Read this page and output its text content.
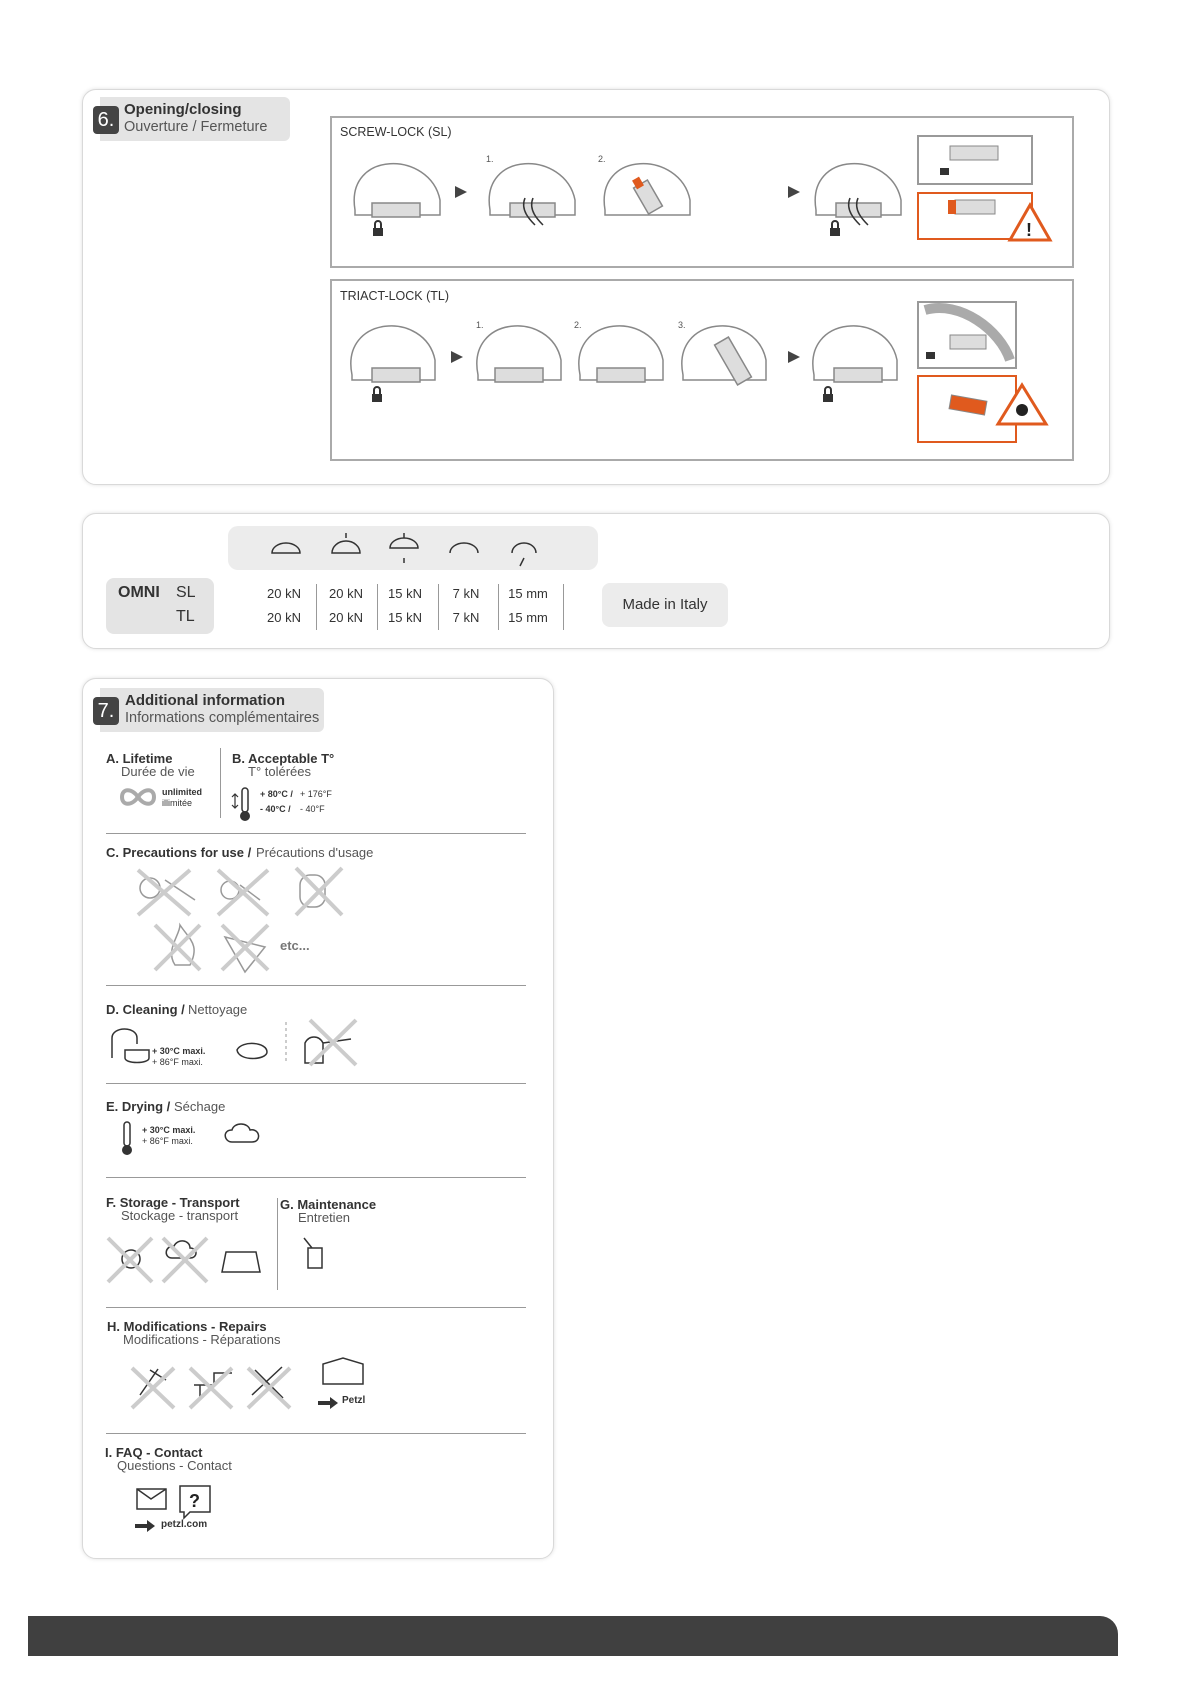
6. Opening/closing
Ouverture / Fermeture	SCREW-LOCK (SL)
1.	2.
!
TRIACT-LOCK (TL)
1.	2.	3.
OMNI SL
TL
20 kN	20 kN	15 kN	7 kN	15 mm
20 kN	20 kN	15 kN	7 kN	15 mm
Made in Italy
7. Additional information
Informations complémentaires
A. Lifetime
Durée de vie
unlimited
illimitée
B. Acceptable T°
T° tolérées
+ 80°C / + 176°F
- 40°C / - 40°F
C. Precautions for use / Précautions d'usage
etc...
D. Cleaning / Nettoyage
+ 30°C maxi.
+ 86°F maxi.
E. Drying / Séchage
+ 30°C maxi.
+ 86°F maxi.
F. Storage - Transport
Stockage - transport
G. Maintenance
Entretien
H. Modifications - Repairs
Modifications - Réparations
Petzl
I. FAQ - Contact
Questions - Contact
?
petzl.com
